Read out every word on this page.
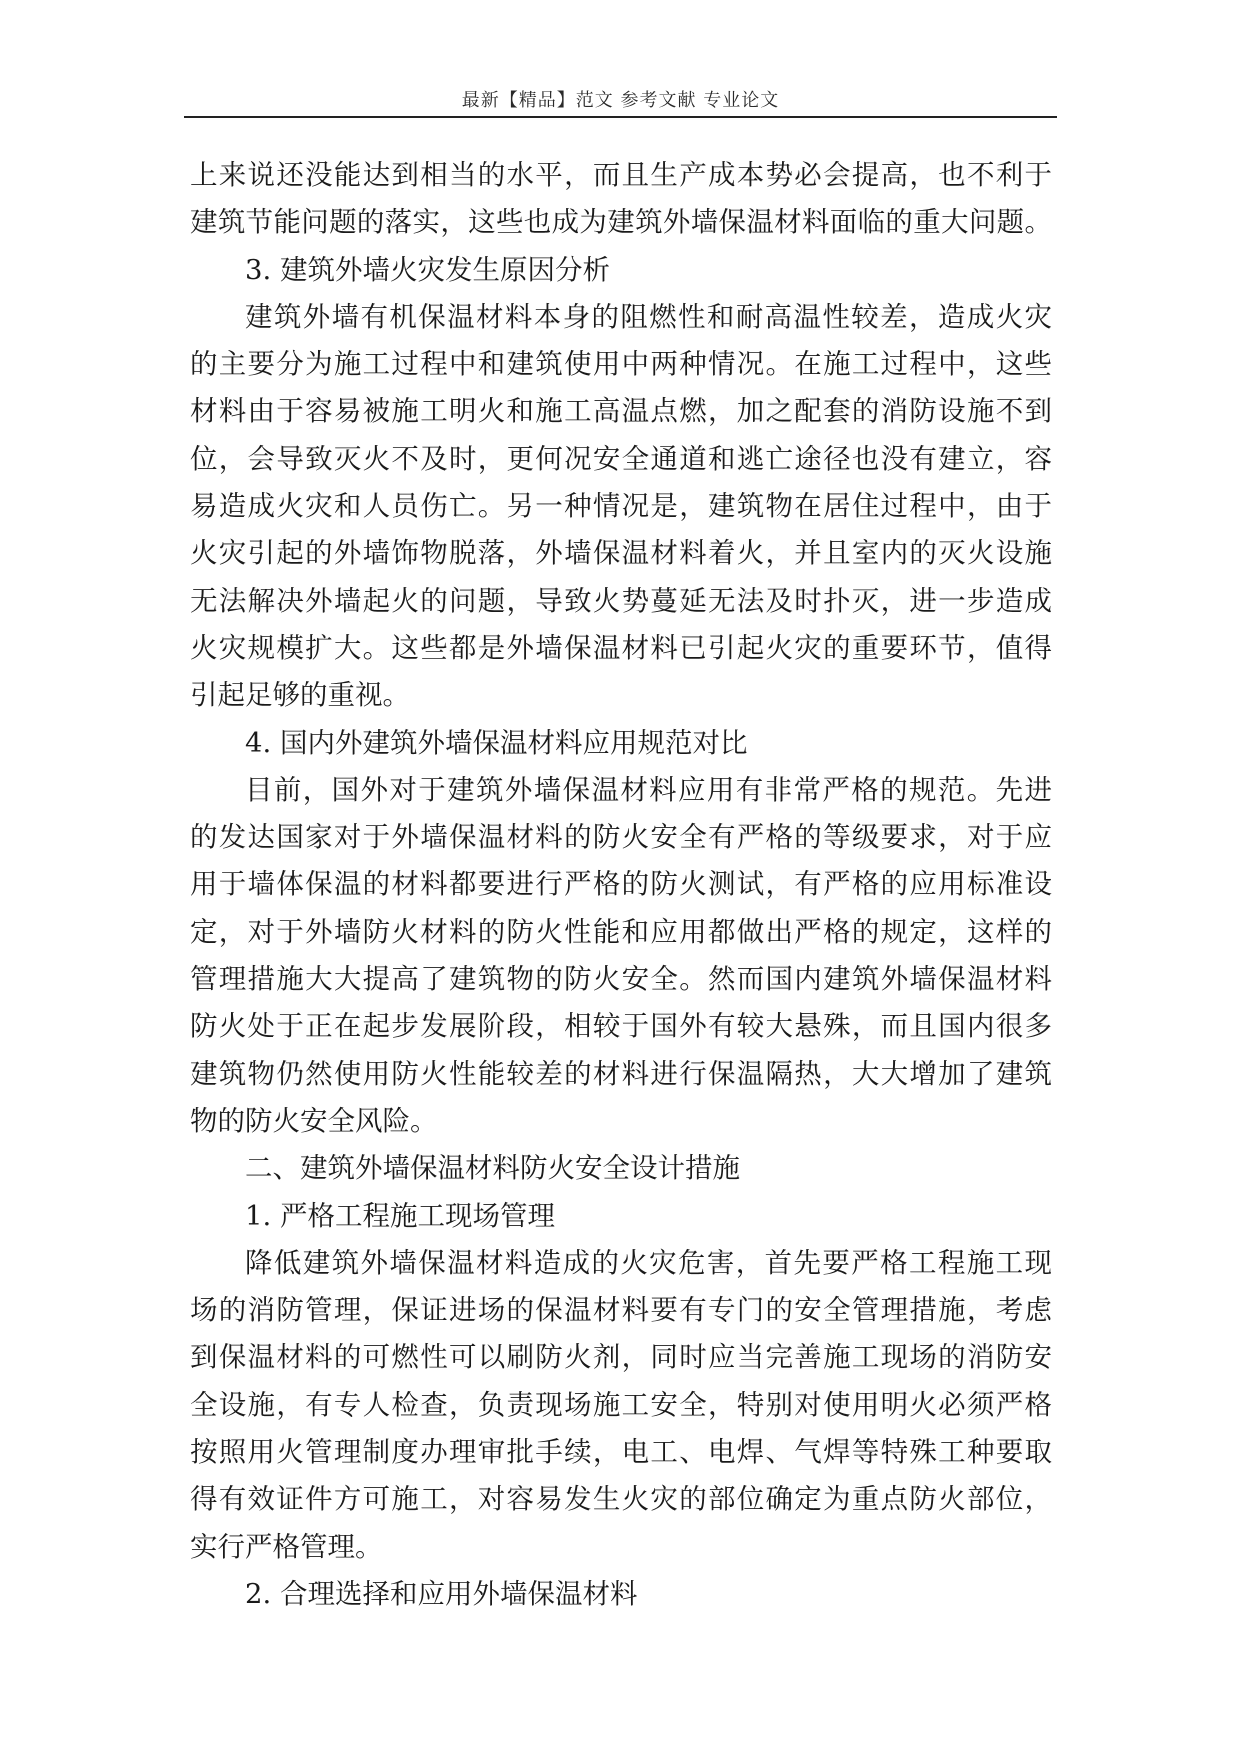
最新【精品】范文 参考文献 专业论文
上来说还没能达到相当的水平，而且生产成本势必会提高，也不利于
建筑节能问题的落实，这些也成为建筑外墙保温材料面临的重大问题。
3. 建筑外墙火灾发生原因分析
建筑外墙有机保温材料本身的阻燃性和耐高温性较差，造成火灾
的主要分为施工过程中和建筑使用中两种情况。在施工过程中，这些
材料由于容易被施工明火和施工高温点燃，加之配套的消防设施不到
位，会导致灭火不及时，更何况安全通道和逃亡途径也没有建立，容
易造成火灾和人员伤亡。另一种情况是，建筑物在居住过程中，由于
火灾引起的外墙饰物脱落，外墙保温材料着火，并且室内的灭火设施
无法解决外墙起火的问题，导致火势蔓延无法及时扑灭，进一步造成
火灾规模扩大。这些都是外墙保温材料已引起火灾的重要环节，值得
引起足够的重视。
4. 国内外建筑外墙保温材料应用规范对比
目前，国外对于建筑外墙保温材料应用有非常严格的规范。先进
的发达国家对于外墙保温材料的防火安全有严格的等级要求，对于应
用于墙体保温的材料都要进行严格的防火测试，有严格的应用标准设
定，对于外墙防火材料的防火性能和应用都做出严格的规定，这样的
管理措施大大提高了建筑物的防火安全。然而国内建筑外墙保温材料
防火处于正在起步发展阶段，相较于国外有较大悬殊，而且国内很多
建筑物仍然使用防火性能较差的材料进行保温隔热，大大增加了建筑
物的防火安全风险。
二、建筑外墙保温材料防火安全设计措施
1. 严格工程施工现场管理
降低建筑外墙保温材料造成的火灾危害，首先要严格工程施工现
场的消防管理，保证进场的保温材料要有专门的安全管理措施，考虑
到保温材料的可燃性可以刷防火剂，同时应当完善施工现场的消防安
全设施，有专人检查，负责现场施工安全，特别对使用明火必须严格
按照用火管理制度办理审批手续，电工、电焊、气焊等特殊工种要取
得有效证件方可施工，对容易发生火灾的部位确定为重点防火部位，
实行严格管理。
2. 合理选择和应用外墙保温材料
